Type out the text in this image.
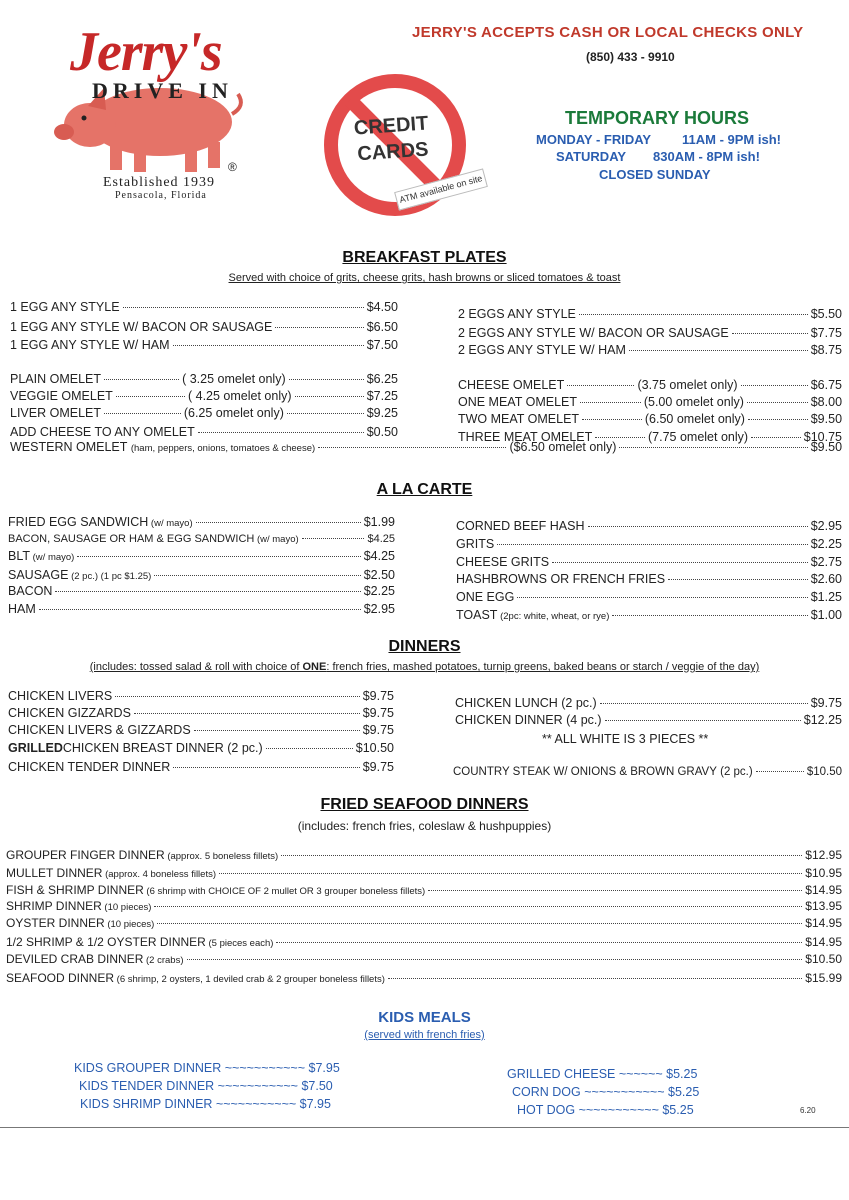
Jerry's
DRIVE IN
®
Established 1939
Pensacola, Florida
JERRY'S ACCEPTS CASH OR LOCAL CHECKS ONLY
(850) 433 - 9910
CREDIT CARDS
ATM available on site
TEMPORARY HOURS
MONDAY - FRIDAY 11AM - 9PM ish!
SATURDAY 830AM - 8PM ish!
CLOSED SUNDAY
BREAKFAST PLATES
Served with choice of grits, cheese grits, hash browns or sliced tomatoes & toast
1 EGG ANY STYLE	$4.50
1 EGG ANY STYLE W/ BACON OR SAUSAGE	$6.50
1 EGG ANY STYLE W/ HAM	$7.50
PLAIN OMELET	( 3.25 omelet only)	$6.25
VEGGIE OMELET	( 4.25 omelet only)	$7.25
LIVER OMELET	(6.25 omelet only)	$9.25
ADD CHEESE TO ANY OMELET	$0.50
2 EGGS ANY STYLE	$5.50
2 EGGS ANY STYLE W/ BACON OR SAUSAGE	$7.75
2 EGGS ANY STYLE W/ HAM	$8.75
CHEESE OMELET	(3.75 omelet only)	$6.75
ONE MEAT OMELET	(5.00 omelet only)	$8.00
TWO MEAT OMELET	(6.50 omelet only)	$9.50
THREE MEAT OMELET	(7.75 omelet only)	$10.75
WESTERN OMELET
(ham, peppers, onions, tomatoes & cheese)	($6.50 omelet only)	$9.50
A LA CARTE
FRIED EGG SANDWICH (w/ mayo)	$1.99
BACON, SAUSAGE OR HAM & EGG SANDWICH (w/ mayo)	$4.25
BLT (w/ mayo)	$4.25
SAUSAGE (2 pc.) (1 pc $1.25)	$2.50
BACON	$2.25
HAM	$2.95
CORNED BEEF HASH	$2.95
GRITS	$2.25
CHEESE GRITS	$2.75
HASHBROWNS OR FRENCH FRIES	$2.60
ONE EGG	$1.25
TOAST (2pc: white, wheat, or rye)	$1.00
DINNERS
(includes: tossed salad & roll with choice of ONE: french fries, mashed potatoes, turnip greens, baked beans or starch / veggie of the day)
CHICKEN LIVERS	$9.75
CHICKEN GIZZARDS	$9.75
CHICKEN LIVERS & GIZZARDS	$9.75
GRILLED CHICKEN BREAST DINNER (2 pc.)	$10.50
CHICKEN TENDER DINNER	$9.75
CHICKEN LUNCH (2 pc.)	$9.75
CHICKEN DINNER (4 pc.)	$12.25
** ALL WHITE IS 3 PIECES **
COUNTRY STEAK W/ ONIONS & BROWN GRAVY
(2 pc.)	$10.50
FRIED SEAFOOD DINNERS
(includes: french fries, coleslaw & hushpuppies)
GROUPER FINGER DINNER (approx. 5 boneless fillets)	$12.95
MULLET DINNER (approx. 4 boneless fillets)	$10.95
FISH & SHRIMP DINNER (6 shrimp with CHOICE OF 2 mullet OR 3 grouper boneless fillets)	$14.95
SHRIMP DINNER (10 pieces)	$13.95
OYSTER DINNER (10 pieces)	$14.95
1/2 SHRIMP & 1/2 OYSTER DINNER (5 pieces each)	$14.95
DEVILED CRAB DINNER (2 crabs)	$10.50
SEAFOOD DINNER (6 shrimp, 2 oysters, 1 deviled crab & 2 grouper boneless fillets)	$15.99
KIDS MEALS
(served with french fries)
KIDS GROUPER DINNER ~~~~~~~~~~~ $7.95
KIDS TENDER DINNER ~~~~~~~~~~~ $7.50
KIDS SHRIMP DINNER ~~~~~~~~~~~ $7.95
GRILLED CHEESE ~~~~~~ $5.25
CORN DOG ~~~~~~~~~~~ $5.25
HOT DOG ~~~~~~~~~~~ $5.25	6.20
